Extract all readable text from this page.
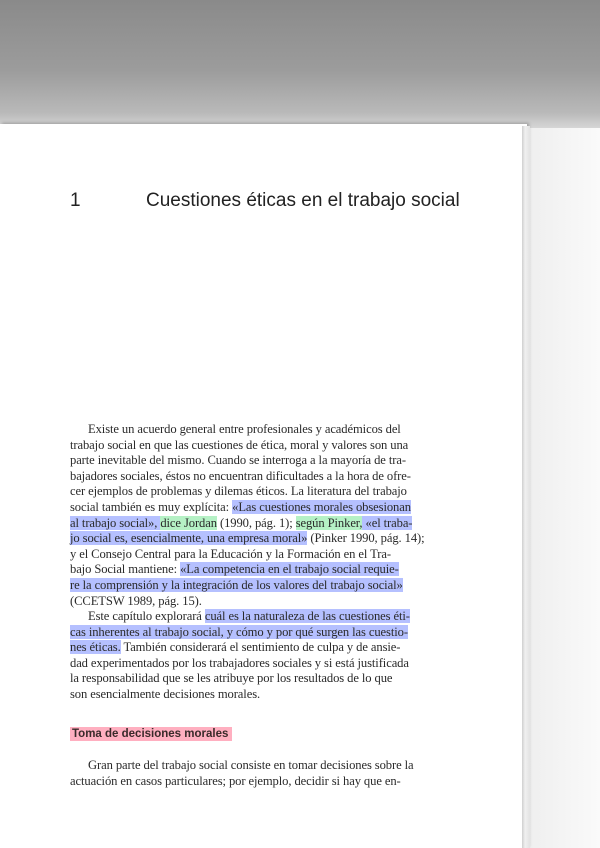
1	Cuestiones éticas en el trabajo social

Existe un acuerdo general entre profesionales y académicos del
trabajo social en que las cuestiones de ética, moral y valores son una
parte inevitable del mismo. Cuando se interroga a la mayoría de tra-
bajadores sociales, éstos no encuentran dificultades a la hora de ofre-
cer ejemplos de problemas y dilemas éticos. La literatura del trabajo
social también es muy explícita: «Las cuestiones morales obsesionan
al trabajo social», dice Jordan (1990, pág. 1); según Pinker, «el traba-
jo social es, esencialmente, una empresa moral» (Pinker 1990, pág. 14);
y el Consejo Central para la Educación y la Formación en el Tra-
bajo Social mantiene: «La competencia en el trabajo social requie-
re la comprensión y la integración de los valores del trabajo social»
(CCETSW 1989, pág. 15).

Este capítulo explorará cuál es la naturaleza de las cuestiones éti-
cas inherentes al trabajo social, y cómo y por qué surgen las cuestio-
nes éticas. También considerará el sentimiento de culpa y de ansie-
dad experimentados por los trabajadores sociales y si está justificada
la responsabilidad que se les atribuye por los resultados de lo que
son esencialmente decisiones morales.

Toma de decisiones morales

Gran parte del trabajo social consiste en tomar decisiones sobre la
actuación en casos particulares; por ejemplo, decidir si hay que en-
